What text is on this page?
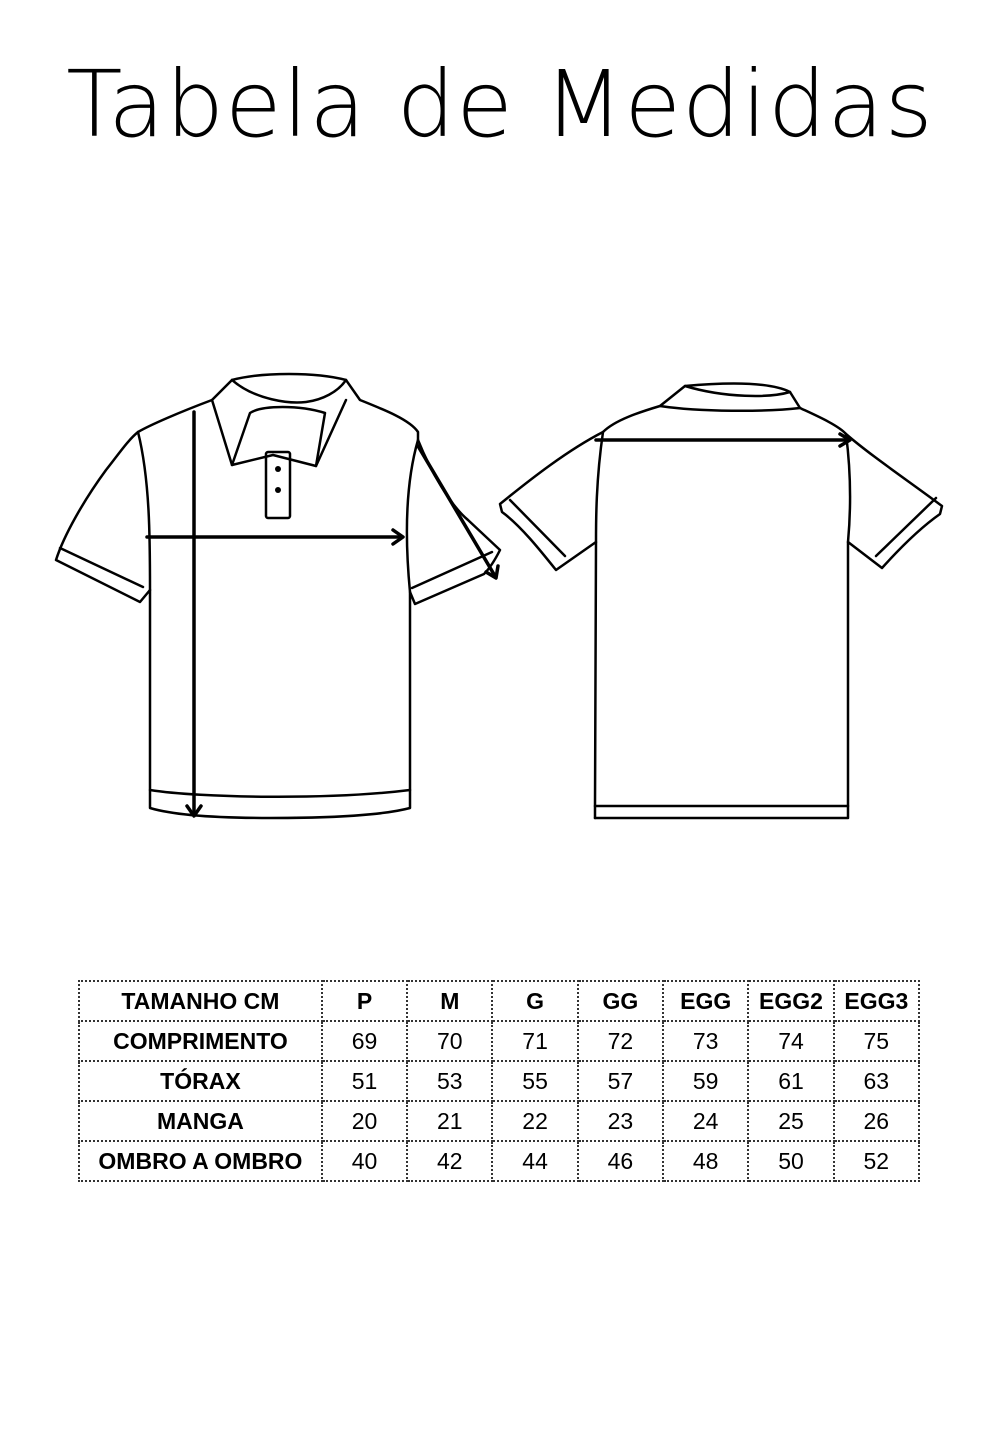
Tabela de Medidas
TAMANHO CM	P	M	G	GG	EGG	EGG2	EGG3
COMPRIMENTO	69	70	71	72	73	74	75
TÓRAX	51	53	55	57	59	61	63
MANGA	20	21	22	23	24	25	26
OMBRO A OMBRO	40	42	44	46	48	50	52
